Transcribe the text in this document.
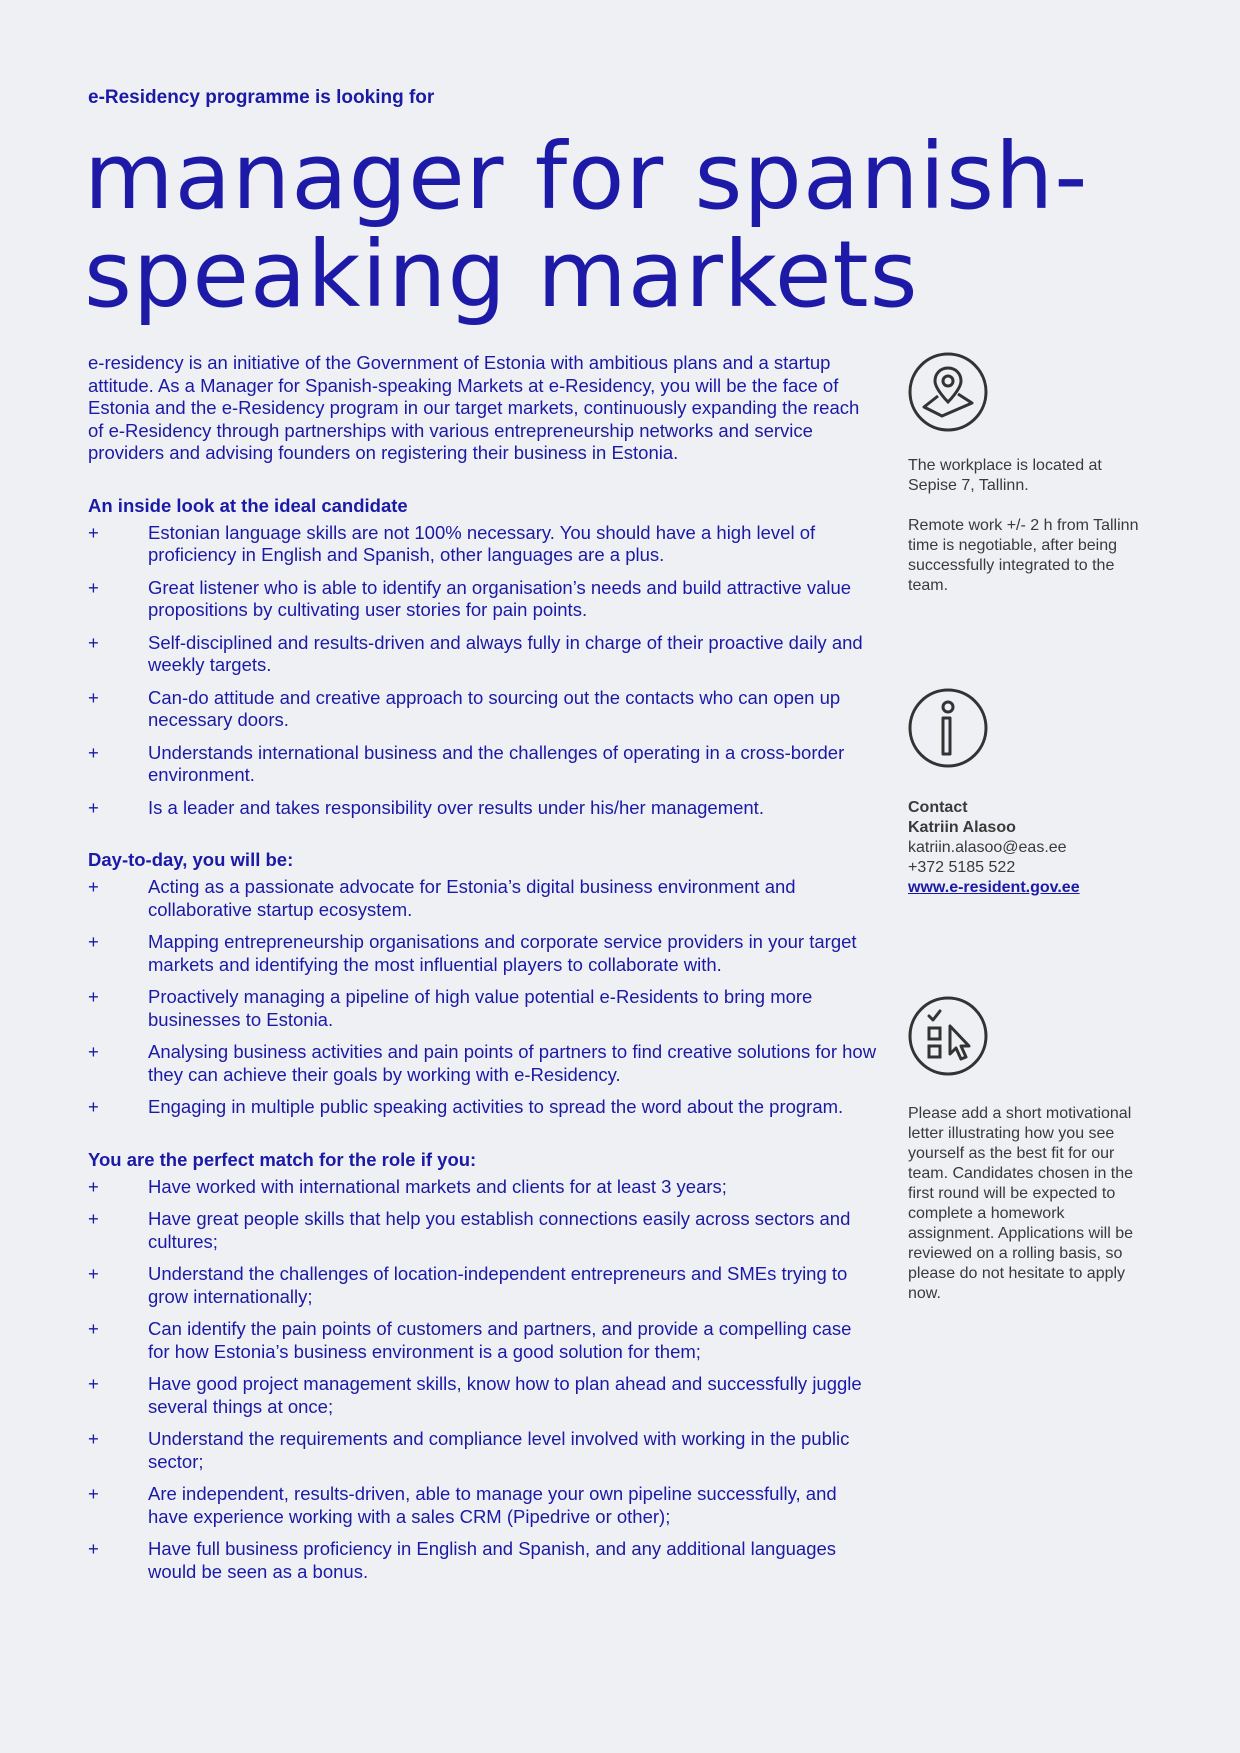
e-Residency programme is looking for

manager for spanish-
speaking markets

e-residency is an initiative of the Government of Estonia with ambitious plans and a startup attitude. As a Manager for Spanish-speaking Markets at e-Residency, you will be the face of Estonia and the e-Residency program in our target markets, continuously expanding the reach of e-Residency through partnerships with various entrepreneurship networks and service providers and advising founders on registering their business in Estonia.

An inside look at the ideal candidate
+	Estonian language skills are not 100% necessary. You should have a high level of proficiency in English and Spanish, other languages are a plus.
+	Great listener who is able to identify an organisation’s needs and build attractive value propositions by cultivating user stories for pain points.
+	Self-disciplined and results-driven and always fully in charge of their proactive daily and weekly targets.
+	Can-do attitude and creative approach to sourcing out the contacts who can open up necessary doors.
+	Understands international business and the challenges of operating in a cross-border environment.
+	Is a leader and takes responsibility over results under his/her management.
Day-to-day, you will be:
+	Acting as a passionate advocate for Estonia’s digital business environment and collaborative startup ecosystem.
+	Mapping entrepreneurship organisations and corporate service providers in your target markets and identifying the most influential players to collaborate with.
+	Proactively managing a pipeline of high value potential e-Residents to bring more businesses to Estonia.
+	Analysing business activities and pain points of partners to find creative solutions for how they can achieve their goals by working with e-Residency.
+	Engaging in multiple public speaking activities to spread the word about the program.
You are the perfect match for the role if you:
+	Have worked with international markets and clients for at least 3 years;
+	Have great people skills that help you establish connections easily across sectors and cultures;
+	Understand the challenges of location-independent entrepreneurs and SMEs trying to grow internationally;
+	Can identify the pain points of customers and partners, and provide a compelling case for how Estonia’s business environment is a good solution for them;
+	Have good project management skills, know how to plan ahead and successfully juggle several things at once;
+	Understand the requirements and compliance level involved with working in the public sector;
+	Are independent, results-driven, able to manage your own pipeline successfully, and have experience working with a sales CRM (Pipedrive or other);
+	Have full business proficiency in English and Spanish, and any additional languages would be seen as a bonus.

The workplace is located at Sepise 7, Tallinn.

Remote work +/- 2 h from Tallinn time is negotiable, after being successfully integrated to the team.

Contact

Katriin Alasoo

katriin.alasoo@eas.ee

+372 5185 522

www.e-resident.gov.ee

Please add a short motivational letter illustrating how you see yourself as the best fit for our team. Candidates chosen in the first round will be expected to complete a homework assignment. Applications will be reviewed on a rolling basis, so please do not hesitate to apply now.
